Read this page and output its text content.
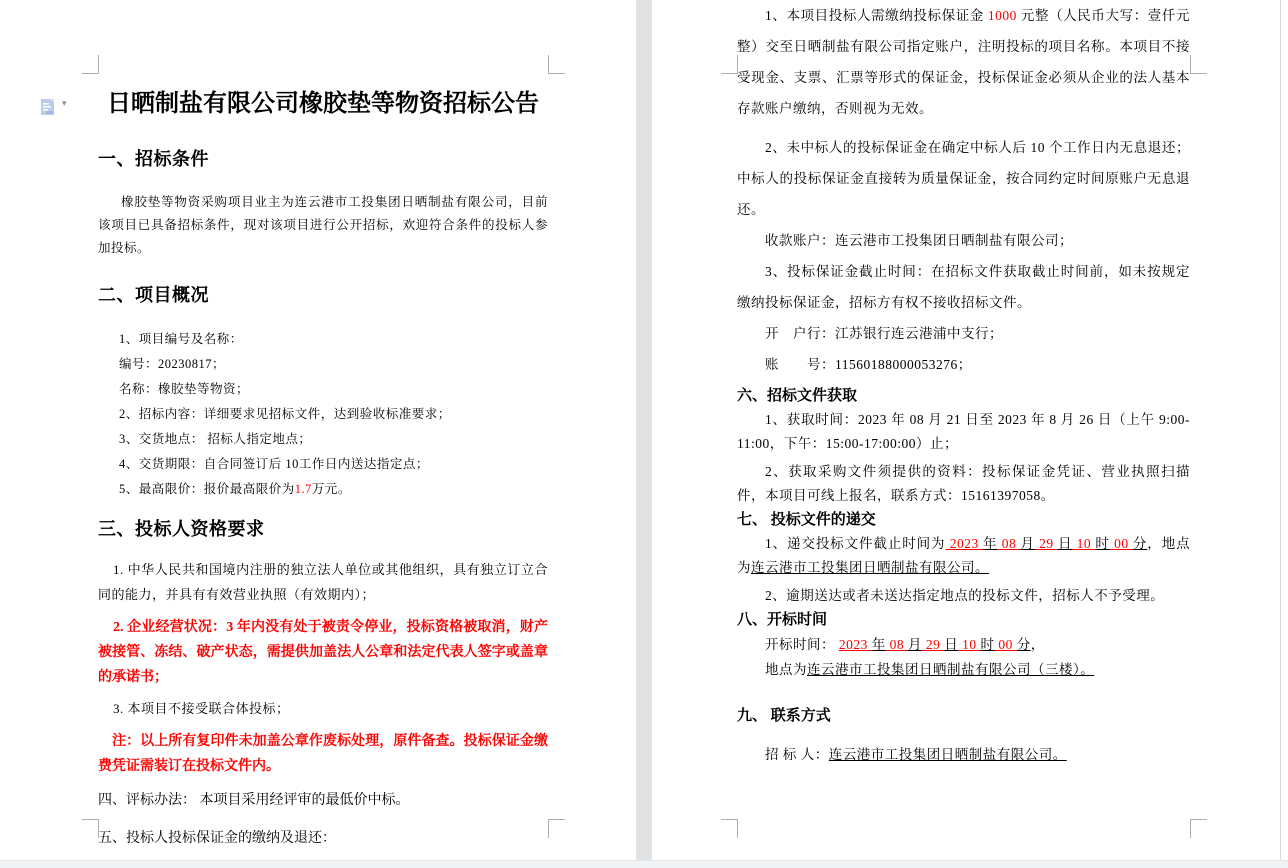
日晒制盐有限公司橡胶垫等物资招标公告
一、招标条件
橡胶垫等物资采购项目业主为连云港市工投集团日晒制盐有限公司，目前该项目已具备招标条件，现对该项目进行公开招标，欢迎符合条件的投标人参加投标。
二、项目概况
1、项目编号及名称：
编号：20230817；
名称：橡胶垫等物资；
2、招标内容：详细要求见招标文件，达到验收标准要求；
3、交货地点： 招标人指定地点；
4、交货期限：自合同签订后 10工作日内送达指定点；
5、最高限价：报价最高限价为1.7万元。
三、投标人资格要求
1. 中华人民共和国境内注册的独立法人单位或其他组织，具有独立订立合同的能力，并具有有效营业执照（有效期内）；
2. 企业经营状况：3 年内没有处于被责令停业，投标资格被取消，财产被接管、冻结、破产状态，需提供加盖法人公章和法定代表人签字或盖章的承诺书；
3. 本项目不接受联合体投标；
注：以上所有复印件未加盖公章作废标处理，原件备查。投标保证金缴费凭证需装订在投标文件内。
四、评标办法： 本项目采用经评审的最低价中标。
五、投标人投标保证金的缴纳及退还：
1、本项目投标人需缴纳投标保证金 1000 元整（人民币大写：壹仟元整）交至日晒制盐有限公司指定账户，注明投标的项目名称。本项目不接受现金、支票、汇票等形式的保证金，投标保证金必须从企业的法人基本存款账户缴纳，否则视为无效。
2、未中标人的投标保证金在确定中标人后 10 个工作日内无息退还；中标人的投标保证金直接转为质量保证金，按合同约定时间原账户无息退还。
收款账户：连云港市工投集团日晒制盐有限公司；
3、投标保证金截止时间：在招标文件获取截止时间前，如未按规定缴纳投标保证金，招标方有权不接收招标文件。
开　户行：江苏银行连云港浦中支行；
账　　号：11560188000053276；
六、招标文件获取
1、获取时间：2023 年 08 月 21 日至 2023 年 8 月 26 日（上午 9:00-11:00，下午：15:00-17:00:00）止；
2、获取采购文件须提供的资料：投标保证金凭证、营业执照扫描件，本项目可线上报名，联系方式：15161397058。
七、 投标文件的递交
1、递交投标文件截止时间为 2023 年 08 月 29 日 10 时 00 分，地点为连云港市工投集团日晒制盐有限公司。
2、逾期送达或者未送达指定地点的投标文件，招标人不予受理。
八、开标时间
开标时间： 2023 年 08 月 29 日 10 时 00 分，
地点为连云港市工投集团日晒制盐有限公司（三楼）。
九、 联系方式
招 标 人：连云港市工投集团日晒制盐有限公司。
▾
